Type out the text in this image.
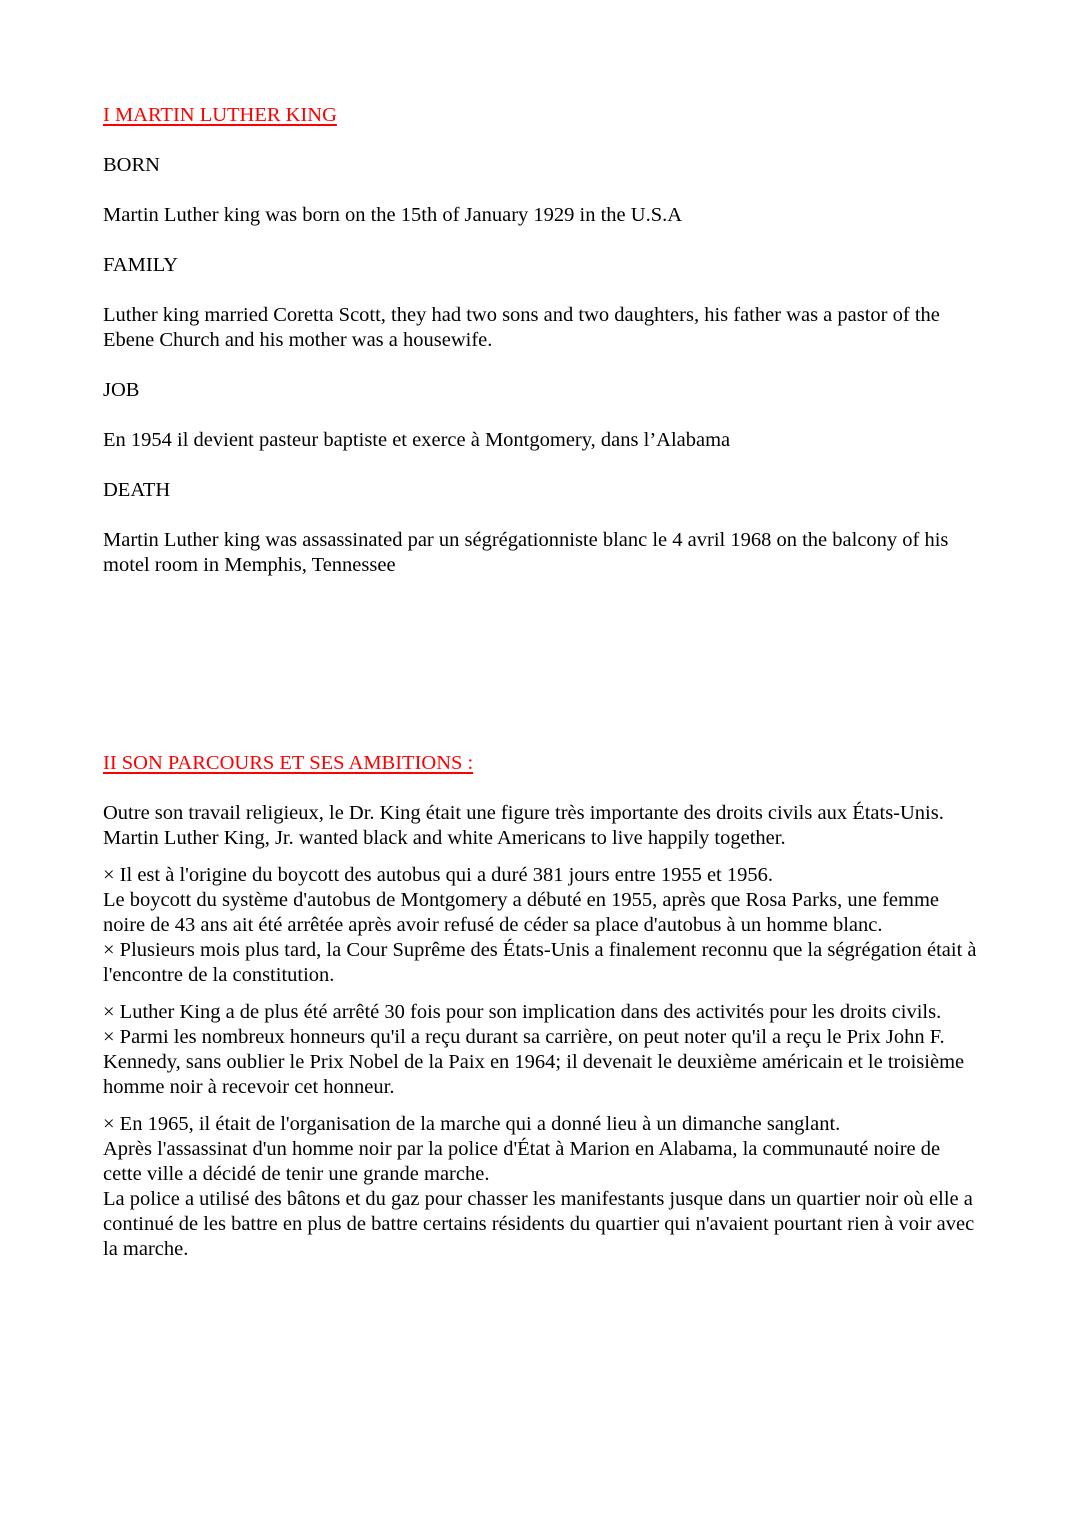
I MARTIN LUTHER KING

BORN

Martin Luther king was born on the 15th of January 1929 in the U.S.A

FAMILY

Luther king married Coretta Scott, they had two sons and two daughters, his father was a pastor of the Ebene Church and his mother was a housewife.

JOB

En 1954 il devient pasteur baptiste et exerce à Montgomery, dans l’Alabama

DEATH

Martin Luther king was assassinated par un ségrégationniste blanc le 4 avril 1968 on the balcony of his motel room in Memphis, Tennessee

II SON PARCOURS ET SES AMBITIONS :

Outre son travail religieux, le Dr. King était une figure très importante des droits civils aux États-Unis. Martin Luther King, Jr. wanted black and white Americans to live happily together.

× Il est à l'origine du boycott des autobus qui a duré 381 jours entre 1955 et 1956.

Le boycott du système d'autobus de Montgomery a débuté en 1955, après que Rosa Parks, une femme noire de 43 ans ait été arrêtée après avoir refusé de céder sa place d'autobus à un homme blanc.

× Plusieurs mois plus tard, la Cour Suprême des États-Unis a finalement reconnu que la ségrégation était à l'encontre de la constitution.

× Luther King a de plus été arrêté 30 fois pour son implication dans des activités pour les droits civils.

× Parmi les nombreux honneurs qu'il a reçu durant sa carrière, on peut noter qu'il a reçu le Prix John F. Kennedy, sans oublier le Prix Nobel de la Paix en 1964; il devenait le deuxième américain et le troisième homme noir à recevoir cet honneur.

× En 1965, il était de l'organisation de la marche qui a donné lieu à un dimanche sanglant.

Après l'assassinat d'un homme noir par la police d'État à Marion en Alabama, la communauté noire de cette ville a décidé de tenir une grande marche.

La police a utilisé des bâtons et du gaz pour chasser les manifestants jusque dans un quartier noir où elle a continué de les battre en plus de battre certains résidents du quartier qui n'avaient pourtant rien à voir avec la marche.
